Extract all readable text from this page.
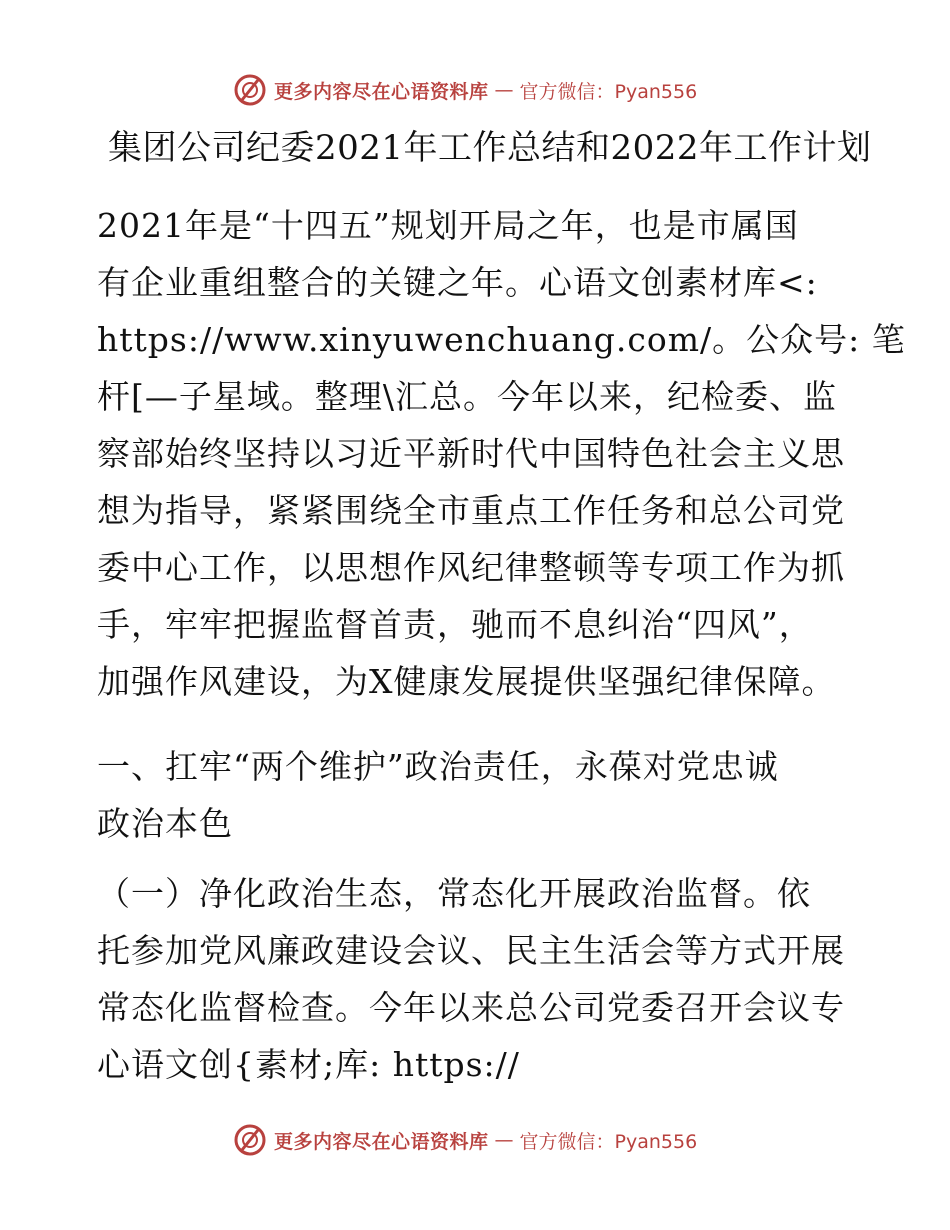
更多内容尽在心语资料库 — 官方微信：Pyan556
集团公司纪委2021年工作总结和2022年工作计划

2021年是“十四五”规划开局之年，也是市属国
有企业重组整合的关键之年。心语文创素材库<:
https://www.xinyuwenchuang.com/。公众号: 笔
杆[—子星域。整理\汇总。今年以来，纪检委、监
察部始终坚持以习近平新时代中国特色社会主义思
想为指导，紧紧围绕全市重点工作任务和总公司党
委中心工作，以思想作风纪律整顿等专项工作为抓
手，牢牢把握监督首责，驰而不息纠治“四风”，
加强作风建设，为X健康发展提供坚强纪律保障。

一、扛牢“两个维护”政治责任，永葆对党忠诚
政治本色

（一）净化政治生态，常态化开展政治监督。依
托参加党风廉政建设会议、民主生活会等方式开展
常态化监督检查。今年以来总公司党委召开会议专
心语文创{素材;库: https://

更多内容尽在心语资料库 — 官方微信：Pyan556
